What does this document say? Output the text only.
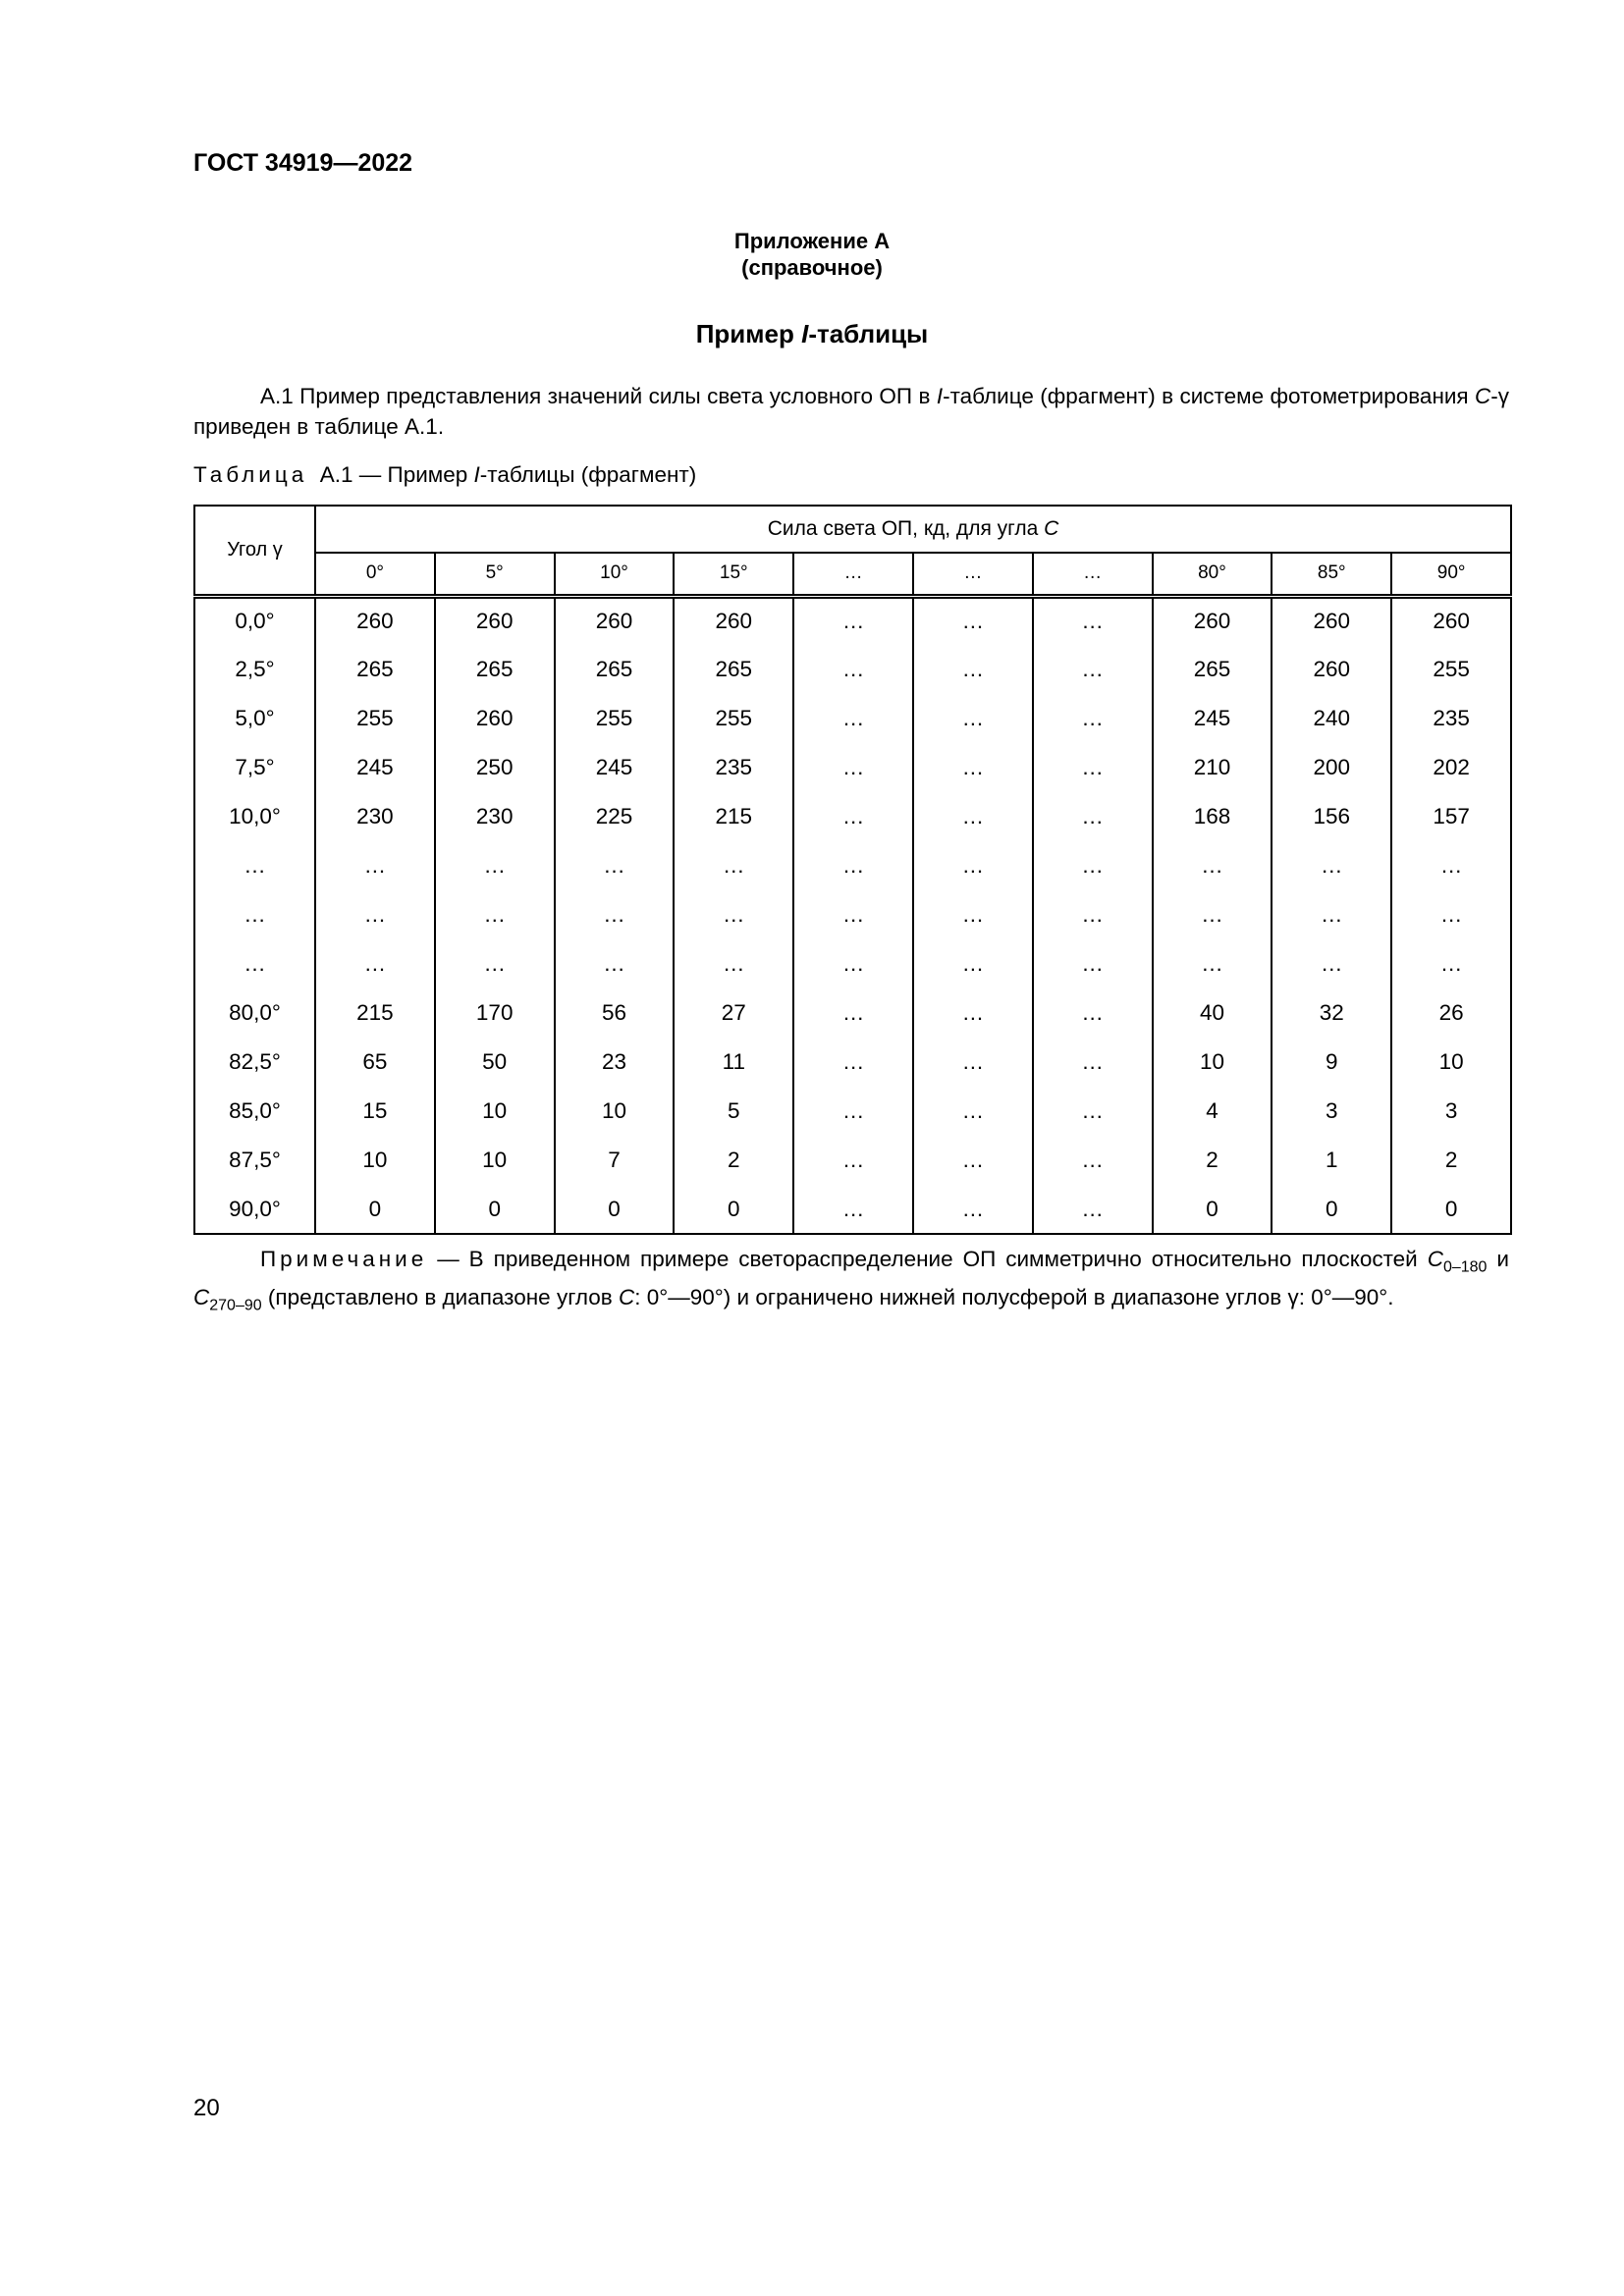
ГОСТ 34919—2022
Приложение А
(справочное)
Пример I-таблицы

А.1 Пример представления значений силы света условного ОП в I-таблице (фрагмент) в системе фотометрирования C-γ приведен в таблице А.1.

Таблица А.1 — Пример I-таблицы (фрагмент)
Угол γ	Сила света ОП, кд, для угла C									
	0°	5°	10°	15°	…	…	…	80°	85°	90°
0,0°	260	260	260	260	…	…	…	260	260	260
2,5°	265	265	265	265	…	…	…	265	260	255
5,0°	255	260	255	255	…	…	…	245	240	235
7,5°	245	250	245	235	…	…	…	210	200	202
10,0°	230	230	225	215	…	…	…	168	156	157
…	…	…	…	…	…	…	…	…	…	…
…	…	…	…	…	…	…	…	…	…	…
…	…	…	…	…	…	…	…	…	…	…
80,0°	215	170	56	27	…	…	…	40	32	26
82,5°	65	50	23	11	…	…	…	10	9	10
85,0°	15	10	10	5	…	…	…	4	3	3
87,5°	10	10	7	2	…	…	…	2	1	2
90,0°	0	0	0	0	…	…	…	0	0	0

Примечание — В приведенном примере светораспределение ОП симметрично относительно плоскостей $C_{0-180}$ и $C_{270-90}$ (представлено в диапазоне углов C: 0°—90°) и ограничено нижней полусферой в диапазоне углов γ: 0°—90°.

20
